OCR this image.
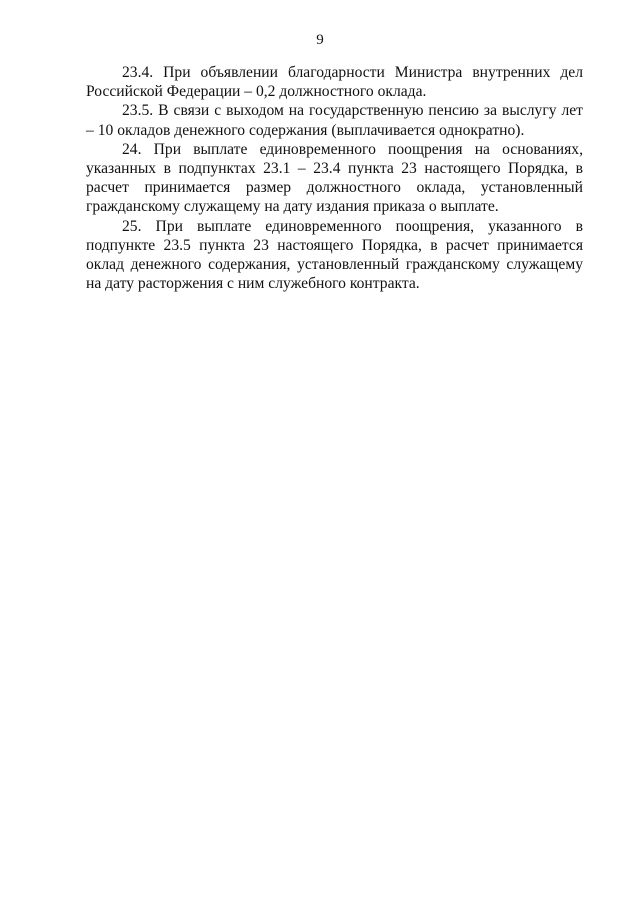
9

23.4. При объявлении благодарности Министра внутренних дел Российской Федерации – 0,2 должностного оклада.

23.5. В связи с выходом на государственную пенсию за выслугу лет – 10 окладов денежного содержания (выплачивается однократно).

24. При выплате единовременного поощрения на основаниях, указанных в подпунктах 23.1 – 23.4 пункта 23 настоящего Порядка, в расчет принимается размер должностного оклада, установленный гражданскому служащему на дату издания приказа о выплате.

25. При выплате единовременного поощрения, указанного в подпункте 23.5 пункта 23 настоящего Порядка, в расчет принимается оклад денежного содержания, установленный гражданскому служащему на дату расторжения с ним служебного контракта.
